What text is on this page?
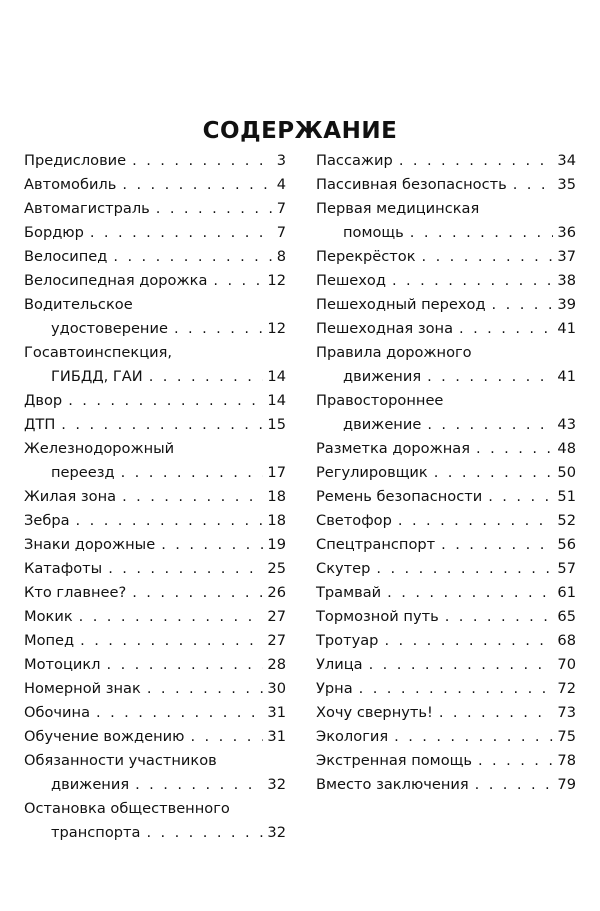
СОДЕРЖАНИЕ
Предисловие . . .	3
Автомобиль . . .	4
Автомагистраль . . .	7
Бордюр . . .	7
Велосипед . . .	8
Велосипедная дорожка . . .	12
Водительское
удостоверение . . .	12
Госавтоинспекция,
ГИБДД, ГАИ . . .	14
Двор . . .	14
ДТП . . .	15
Железнодорожный
переезд . . .	17
Жилая зона . . .	18
Зебра . . .	18
Знаки дорожные . . .	19
Катафоты . . .	25
Кто главнее? . . .	26
Мокик . . .	27
Мопед . . .	27
Мотоцикл . . .	28
Номерной знак . . .	30
Обочина . . .	31
Обучение вождению . . .	31
Обязанности участников
движения . . .	32
Остановка общественного
транспорта . . .	32
Пассажир . . .	34
Пассивная безопасность . . .	35
Первая медицинская
помощь . . .	36
Перекрёсток . . .	37
Пешеход . . .	38
Пешеходный переход . . .	39
Пешеходная зона . . .	41
Правила дорожного
движения . . .	41
Правостороннее
движение . . .	43
Разметка дорожная . . .	48
Регулировщик . . .	50
Ремень безопасности . . .	51
Светофор . . .	52
Спецтранспорт . . .	56
Скутер . . .	57
Трамвай . . .	61
Тормозной путь . . .	65
Тротуар . . .	68
Улица . . .	70
Урна . . .	72
Хочу свернуть! . . .	73
Экология . . .	75
Экстренная помощь . . .	78
Вместо заключения . . .	79
